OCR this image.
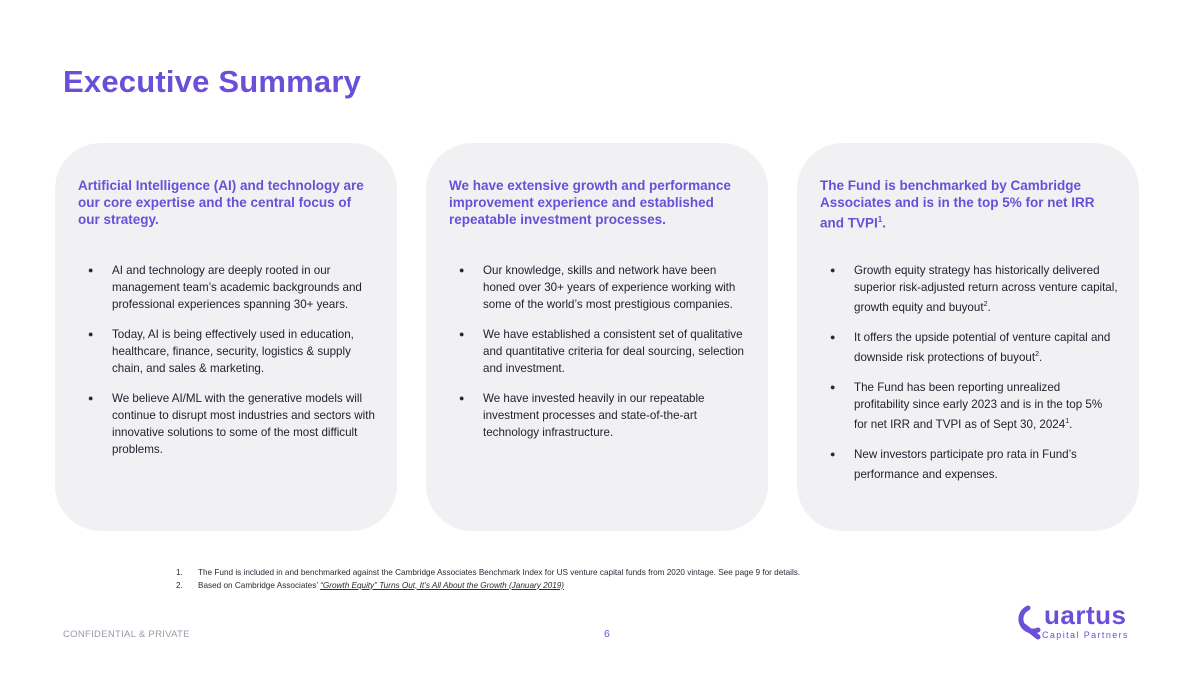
Executive Summary
Artificial Intelligence (AI) and technology are our core expertise and the central focus of our strategy.
● AI and technology are deeply rooted in our management team’s academic backgrounds and professional experiences spanning 30+ years.
● Today, AI is being effectively used in education, healthcare, finance, security, logistics & supply chain, and sales & marketing.
● We believe AI/ML with the generative models will continue to disrupt most industries and sectors with innovative solutions to some of the most difficult problems.
We have extensive growth and performance improvement experience and established repeatable investment processes.
● Our knowledge, skills and network have been honed over 30+ years of experience working with some of the world’s most prestigious companies.
● We have established a consistent set of qualitative and quantitative criteria for deal sourcing, selection and investment.
● We have invested heavily in our repeatable investment processes and state-of-the-art technology infrastructure.
The Fund is benchmarked by Cambridge Associates and is in the top 5% for net IRR and TVPI$^1$.
● Growth equity strategy has historically delivered superior risk-adjusted return across venture capital, growth equity and buyout$^2$.
● It offers the upside potential of venture capital and downside risk protections of buyout$^2$.
● The Fund has been reporting unrealized profitability since early 2023 and is in the top 5% for net IRR and TVPI as of Sept 30, 2024$^1$.
● New investors participate pro rata in Fund’s performance and expenses.
1.	The Fund is included in and benchmarked against the Cambridge Associates Benchmark Index for US venture capital funds from 2020 vintage. See page 9 for details.
2.	Based on Cambridge Associates’ “Growth Equity” Turns Out, It’s All About the Growth (January 2019)
CONFIDENTIAL & PRIVATE	6
uartus
Capital Partners
